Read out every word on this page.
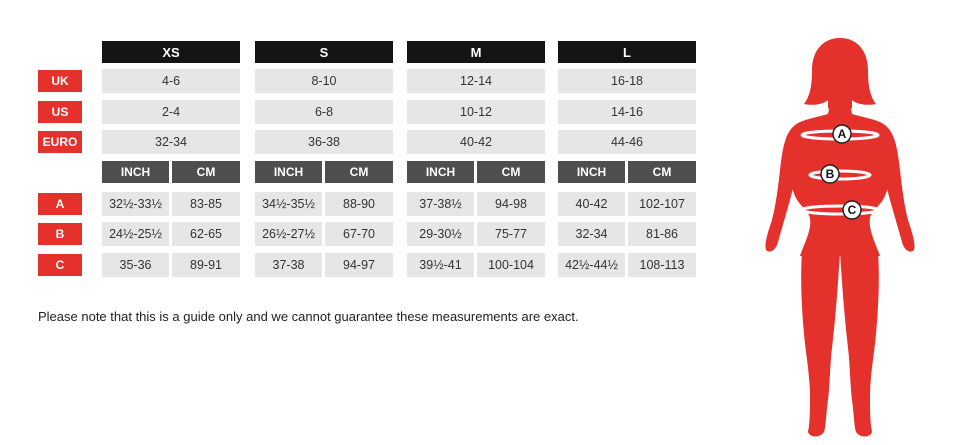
XS	S	M	L
UK	4-6	8-10	12-14	16-18
US	2-4	6-8	10-12	14-16
EURO	32-34	36-38	40-42	44-46
INCH	CM	INCH	CM	INCH	CM	INCH	CM
A	32½-33½	83-85	34½-35½	88-90	37-38½	94-98	40-42	102-107
B	24½-25½	62-65	26½-27½	67-70	29-30½	75-77	32-34	81-86
C	35-36	89-91	37-38	94-97	39½-41	100-104	42½-44½	108-113
Please note that this is a guide only and we cannot guarantee these measurements are exact.
A
B
C
